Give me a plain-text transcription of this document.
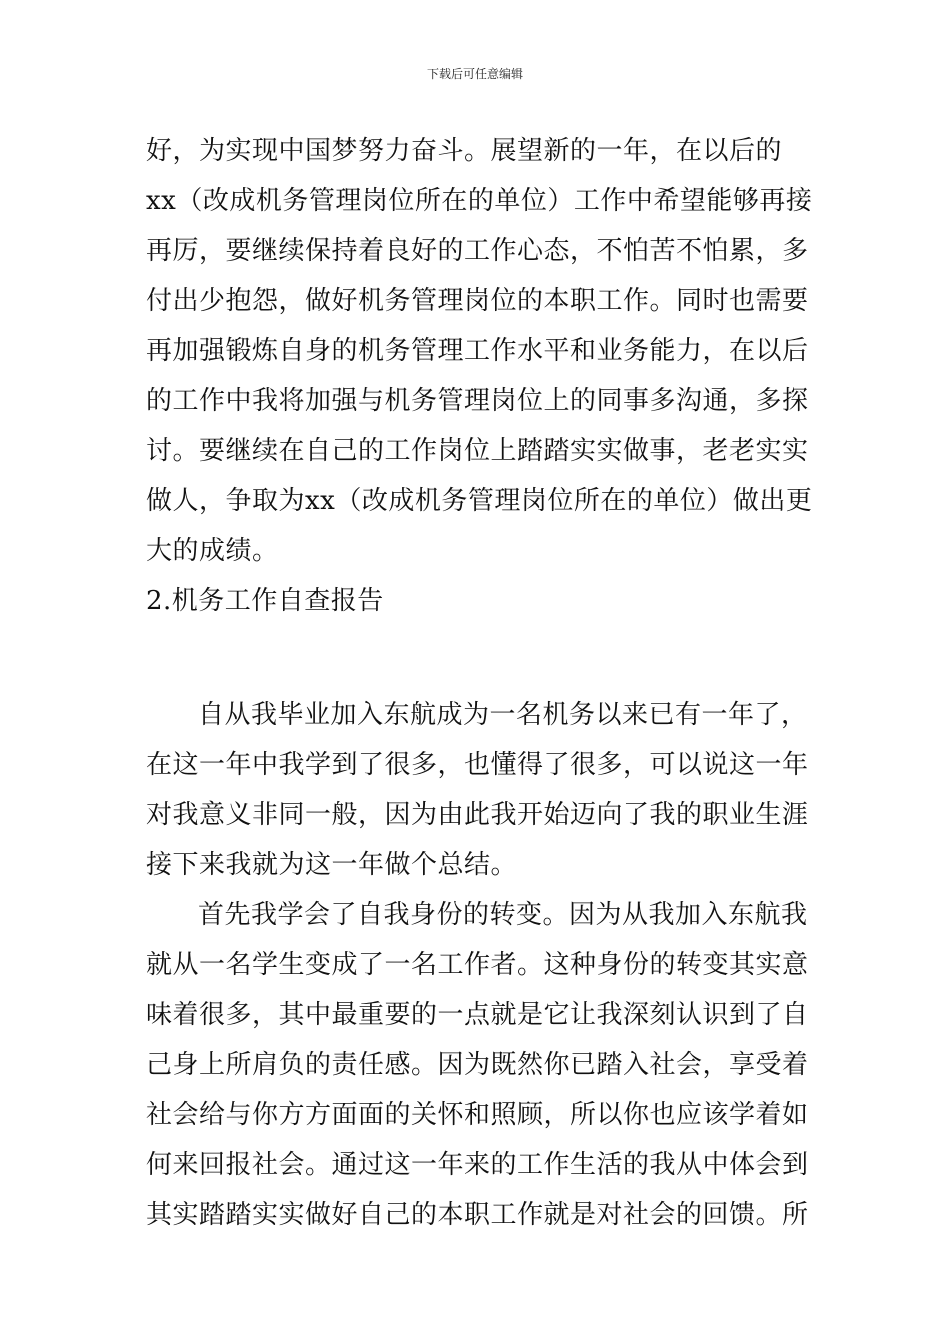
下载后可任意编辑
好，为实现中国梦努力奋斗。展望新的一年，在以后的
xx（改成机务管理岗位所在的单位）工作中希望能够再接
再厉，要继续保持着良好的工作心态，不怕苦不怕累，多
付出少抱怨，做好机务管理岗位的本职工作。同时也需要
再加强锻炼自身的机务管理工作水平和业务能力，在以后
的工作中我将加强与机务管理岗位上的同事多沟通，多探
讨。要继续在自己的工作岗位上踏踏实实做事，老老实实
做人，争取为xx（改成机务管理岗位所在的单位）做出更
大的成绩。
2.机务工作自查报告
自从我毕业加入东航成为一名机务以来已有一年了，
在这一年中我学到了很多，也懂得了很多，可以说这一年
对我意义非同一般，因为由此我开始迈向了我的职业生涯
接下来我就为这一年做个总结。
首先我学会了自我身份的转变。因为从我加入东航我
就从一名学生变成了一名工作者。这种身份的转变其实意
味着很多，其中最重要的一点就是它让我深刻认识到了自
己身上所肩负的责任感。因为既然你已踏入社会，享受着
社会给与你方方面面的关怀和照顾，所以你也应该学着如
何来回报社会。通过这一年来的工作生活的我从中体会到
其实踏踏实实做好自己的本职工作就是对社会的回馈。所
